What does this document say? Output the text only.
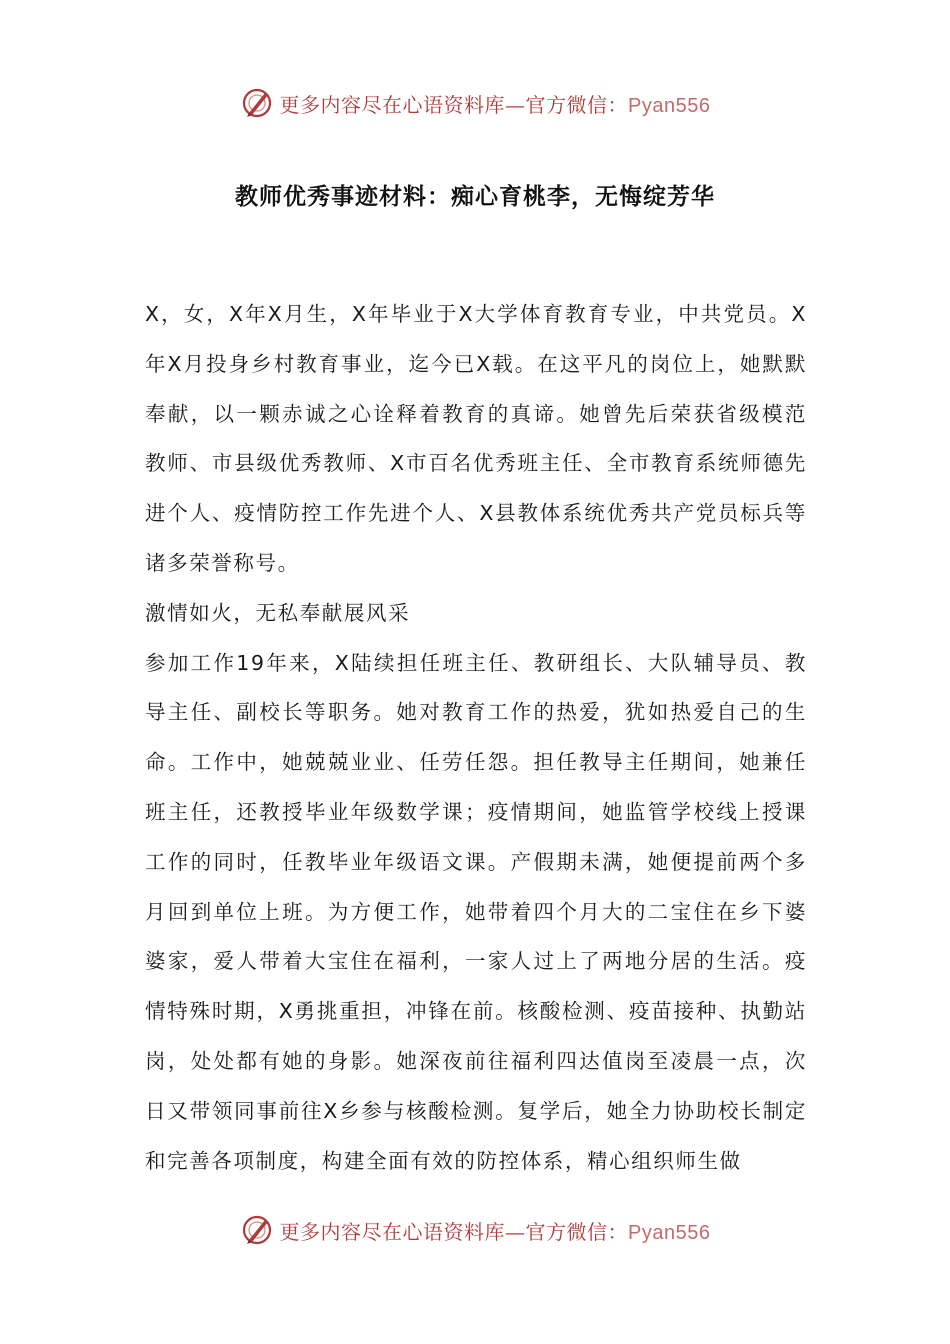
更多内容尽在心语资料库—官方微信：Pyan556
教师优秀事迹材料：痴心育桃李，无悔绽芳华

X，女，X年X月生，X年毕业于X大学体育教育专业，中共党员。X年X月投身乡村教育事业，迄今已X载。在这平凡的岗位上，她默默奉献，以一颗赤诚之心诠释着教育的真谛。她曾先后荣获省级模范教师、市县级优秀教师、X市百名优秀班主任、全市教育系统师德先进个人、疫情防控工作先进个人、X县教体系统优秀共产党员标兵等诸多荣誉称号。

激情如火，无私奉献展风采

参加工作19年来，X陆续担任班主任、教研组长、大队辅导员、教导主任、副校长等职务。她对教育工作的热爱，犹如热爱自己的生命。工作中，她兢兢业业、任劳任怨。担任教导主任期间，她兼任班主任，还教授毕业年级数学课；疫情期间，她监管学校线上授课工作的同时，任教毕业年级语文课。产假期未满，她便提前两个多月回到单位上班。为方便工作，她带着四个月大的二宝住在乡下婆婆家，爱人带着大宝住在福利，一家人过上了两地分居的生活。疫情特殊时期，X勇挑重担，冲锋在前。核酸检测、疫苗接种、执勤站岗，处处都有她的身影。她深夜前往福利四达值岗至凌晨一点，次日又带领同事前往X乡参与核酸检测。复学后，她全力协助校长制定和完善各项制度，构建全面有效的防控体系，精心组织师生做

更多内容尽在心语资料库—官方微信：Pyan556
